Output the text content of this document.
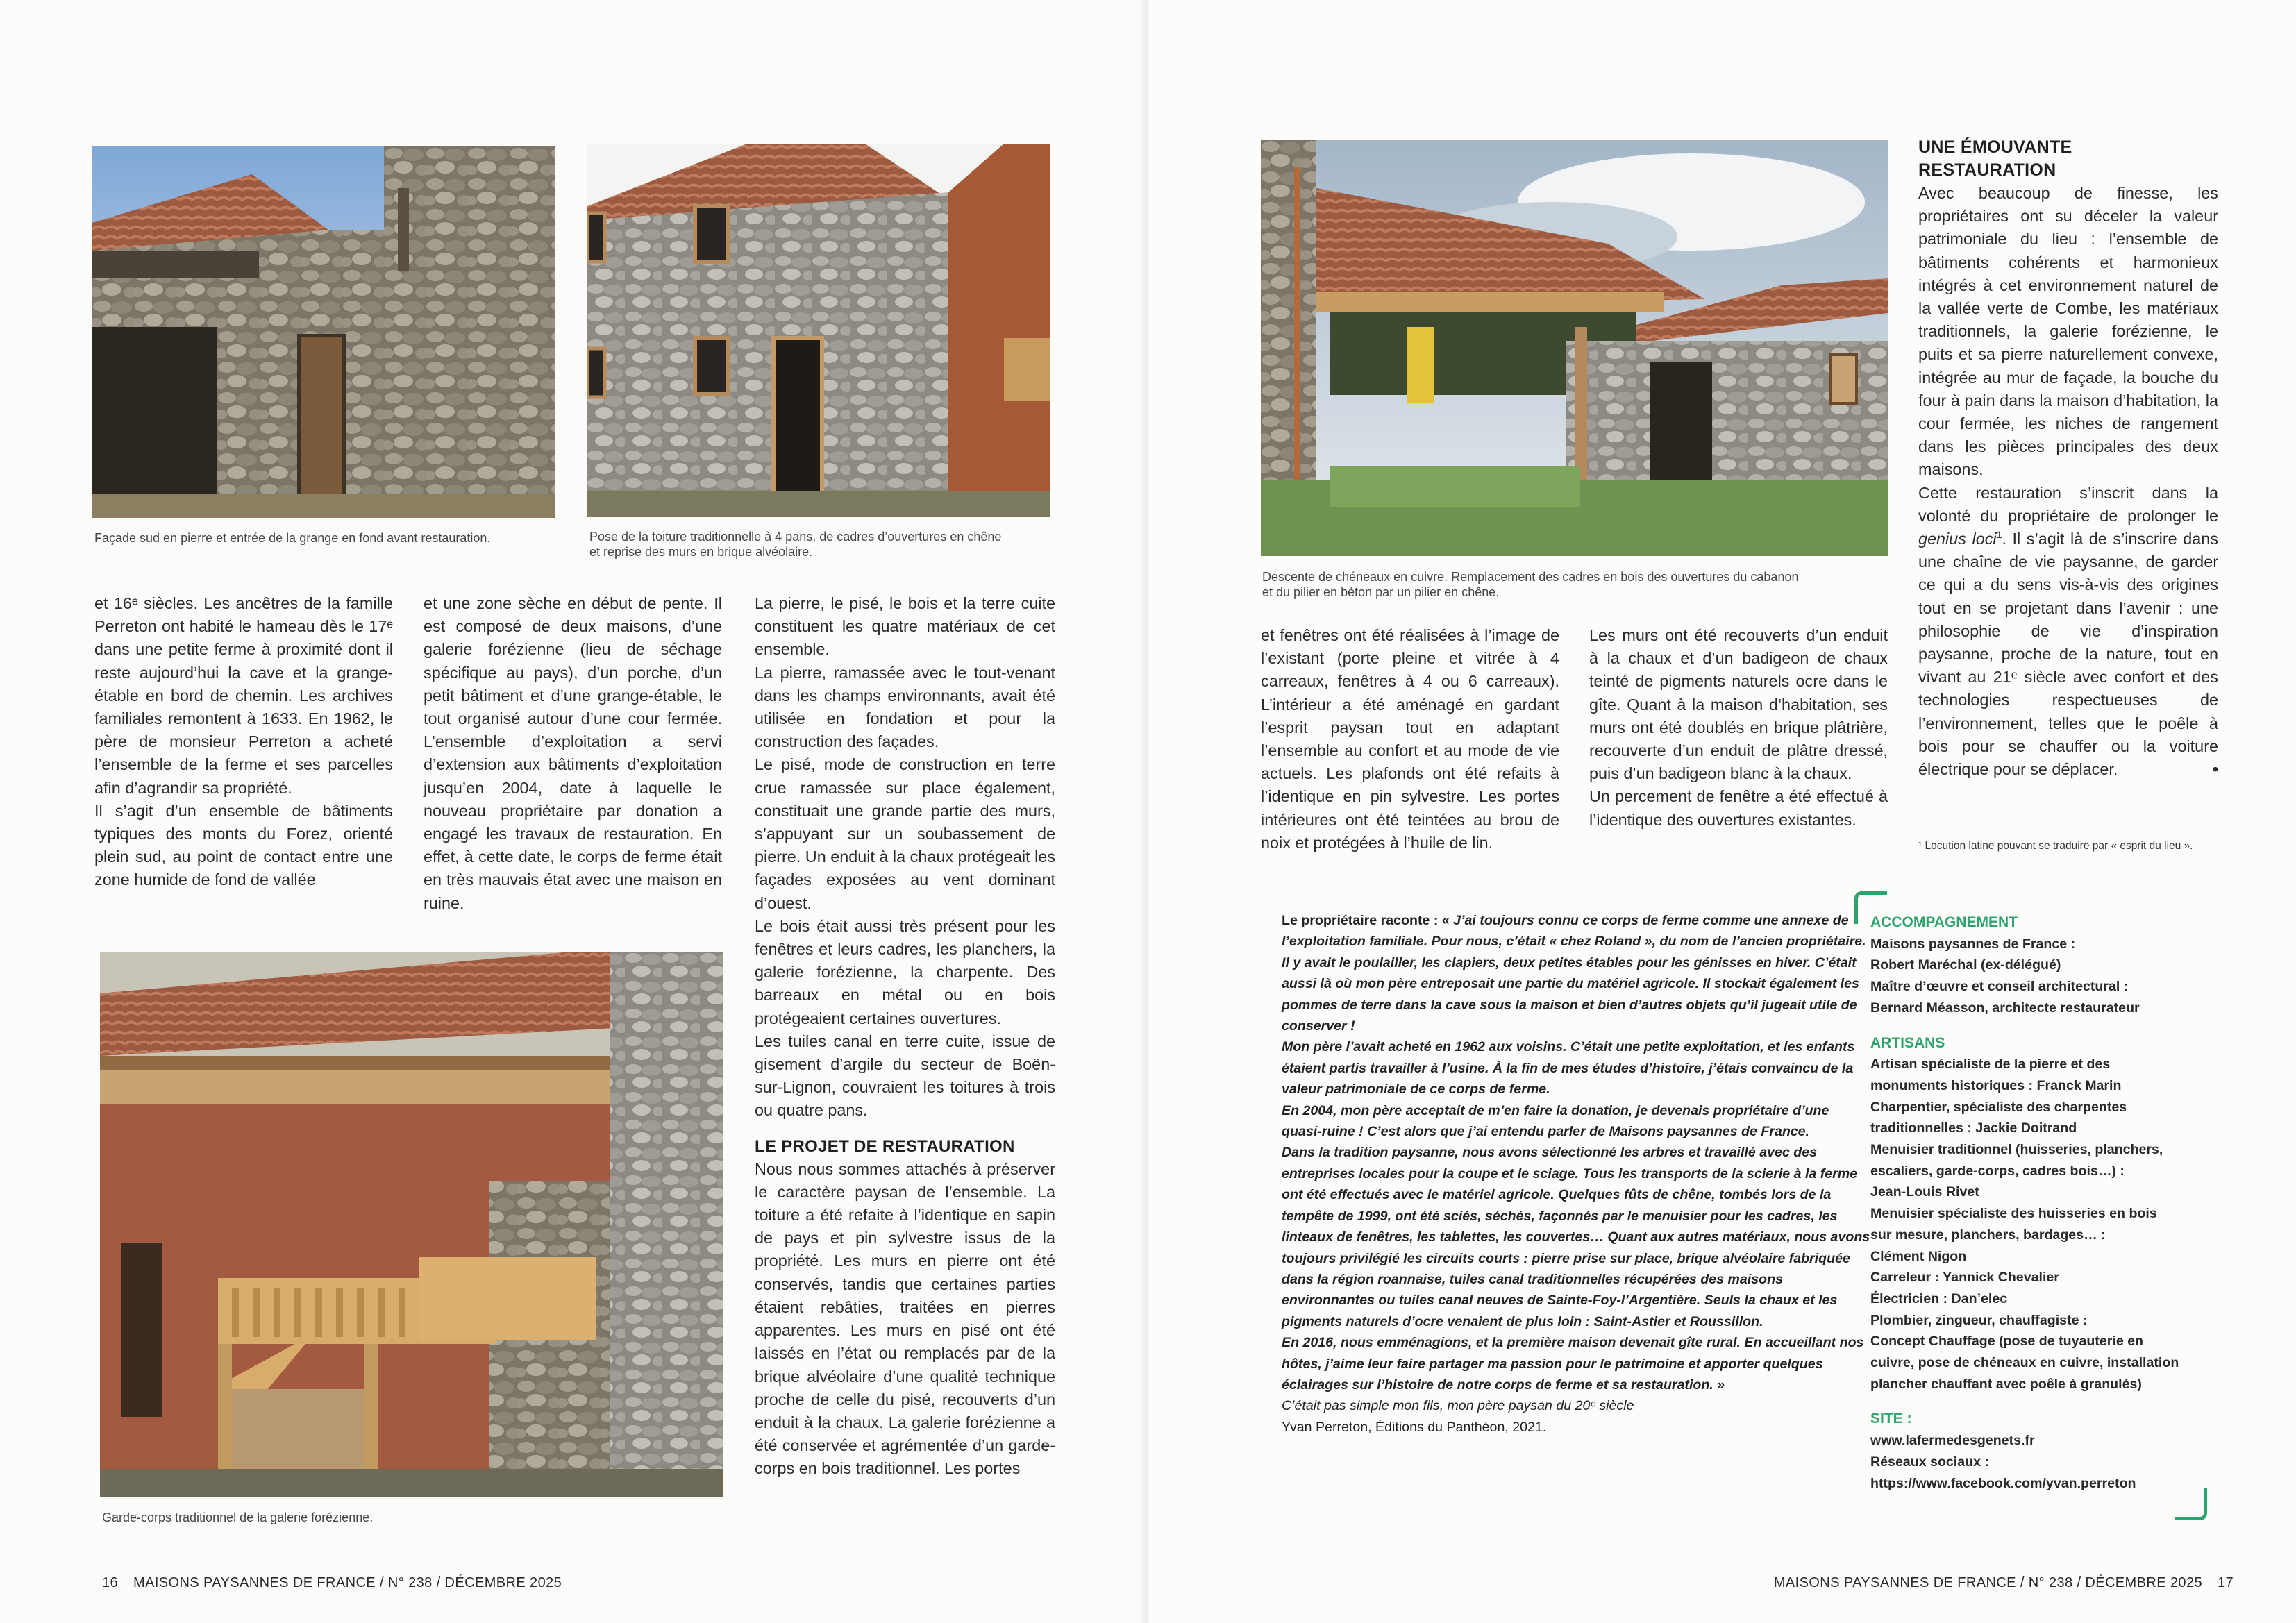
Façade sud en pierre et entrée de la grange en fond avant restauration.	Pose de la toiture traditionnelle à 4 pans, de cadres d’ouvertures en chêne
et reprise des murs en brique alvéolaire.

et 16ᵉ siècles. Les ancêtres de la famille Perreton ont habité le hameau dès le 17ᵉ dans une petite ferme à proximité dont il reste aujourd’hui la cave et la grange-étable en bord de chemin. Les archives familiales remontent à 1633. En 1962, le père de monsieur Perreton a acheté l’ensemble de la ferme et ses parcelles afin d’agrandir sa propriété.

Il s’agit d’un ensemble de bâtiments typiques des monts du Forez, orienté plein sud, au point de contact entre une zone humide de fond de vallée

et une zone sèche en début de pente. Il est composé de deux maisons, d’une galerie forézienne (lieu de séchage spécifique au pays), d’un porche, d’un petit bâtiment et d’une grange-étable, le tout organisé autour d’une cour fermée. L’ensemble d’exploitation a servi d’extension aux bâtiments d’exploitation jusqu’en 2004, date à laquelle le nouveau propriétaire par donation a engagé les travaux de restauration. En effet, à cette date, le corps de ferme était en très mauvais état avec une maison en ruine.

Garde-corps traditionnel de la galerie forézienne.

La pierre, le pisé, le bois et la terre cuite constituent les quatre matériaux de cet ensemble.

La pierre, ramassée avec le tout-venant dans les champs environnants, avait été utilisée en fondation et pour la construction des façades.

Le pisé, mode de construction en terre crue ramassée sur place également, constituait une grande partie des murs, s’appuyant sur un soubassement de pierre. Un enduit à la chaux protégeait les façades exposées au vent dominant d’ouest.

Le bois était aussi très présent pour les fenêtres et leurs cadres, les planchers, la galerie forézienne, la charpente. Des barreaux en métal ou en bois protégeaient certaines ouvertures.

Les tuiles canal en terre cuite, issue de gisement d’argile du secteur de Boën-sur-Lignon, couvraient les toitures à trois ou quatre pans.

LE PROJET DE RESTAURATION

Nous nous sommes attachés à préserver le caractère paysan de l’ensemble. La toiture a été refaite à l’identique en sapin de pays et pin sylvestre issus de la propriété. Les murs en pierre ont été conservés, tandis que certaines parties étaient rebâties, traitées en pierres apparentes. Les murs en pisé ont été laissés en l’état ou remplacés par de la brique alvéolaire d’une qualité technique proche de celle du pisé, recouverts d’un enduit à la chaux. La galerie forézienne a été conservée et agrémentée d’un garde-corps en bois traditionnel. Les portes

16 MAISONS PAYSANNES DE FRANCE / N° 238 / DÉCEMBRE 2025
Descente de chéneaux en cuivre. Remplacement des cadres en bois des ouvertures du cabanon
et du pilier en béton par un pilier en chêne.
UNE ÉMOUVANTE
RESTAURATION

Avec beaucoup de finesse, les propriétaires ont su déceler la valeur patrimoniale du lieu : l’ensemble de bâtiments cohérents et harmonieux intégrés à cet environnement naturel de la vallée verte de Combe, les matériaux traditionnels, la galerie forézienne, le puits et sa pierre naturellement convexe, intégrée au mur de façade, la bouche du four à pain dans la maison d’habitation, la cour fermée, les niches de rangement dans les pièces principales des deux maisons.

Cette restauration s’inscrit dans la volonté du propriétaire de prolonger le genius loci$^1$. Il s’agit là de s’inscrire dans une chaîne de vie paysanne, de garder ce qui a du sens vis-à-vis des origines tout en se projetant dans l’avenir : une philosophie de vie d’inspiration paysanne, proche de la nature, tout en vivant au 21ᵉ siècle avec confort et des technologies respectueuses de l’environnement, telles que le poêle à bois pour se chauffer ou la voiture électrique pour se déplacer.	•

¹ Locution latine pouvant se traduire par « esprit du lieu ».

et fenêtres ont été réalisées à l’image de l’existant (porte pleine et vitrée à 4 carreaux, fenêtres à 4 ou 6 carreaux). L’intérieur a été aménagé en gardant l’esprit paysan tout en adaptant l’ensemble au confort et au mode de vie actuels. Les plafonds ont été refaits à l’identique en pin sylvestre. Les portes intérieures ont été teintées au brou de noix et protégées à l’huile de lin.

Les murs ont été recouverts d’un enduit à la chaux et d’un badigeon de chaux teinté de pigments naturels ocre dans le gîte. Quant à la maison d’habitation, ses murs ont été doublés en brique plâtrière, recouverte d’un enduit de plâtre dressé, puis d’un badigeon blanc à la chaux.

Un percement de fenêtre a été effectué à l’identique des ouvertures existantes.

Le propriétaire raconte : « J’ai toujours connu ce corps de ferme comme une annexe de l’exploitation familiale. Pour nous, c’était « chez Roland », du nom de l’ancien propriétaire. Il y avait le poulailler, les clapiers, deux petites étables pour les génisses en hiver. C’était aussi là où mon père entreposait une partie du matériel agricole. Il stockait également les pommes de terre dans la cave sous la maison et bien d’autres objets qu’il jugeait utile de conserver !

Mon père l’avait acheté en 1962 aux voisins. C’était une petite exploitation, et les enfants étaient partis travailler à l’usine. À la fin de mes études d’histoire, j’étais convaincu de la valeur patrimoniale de ce corps de ferme.

En 2004, mon père acceptait de m’en faire la donation, je devenais propriétaire d’une quasi-ruine ! C’est alors que j’ai entendu parler de Maisons paysannes de France.

Dans la tradition paysanne, nous avons sélectionné les arbres et travaillé avec des entreprises locales pour la coupe et le sciage. Tous les transports de la scierie à la ferme ont été effectués avec le matériel agricole. Quelques fûts de chêne, tombés lors de la tempête de 1999, ont été sciés, séchés, façonnés par le menuisier pour les cadres, les linteaux de fenêtres, les tablettes, les couvertes… Quant aux autres matériaux, nous avons toujours privilégié les circuits courts : pierre prise sur place, brique alvéolaire fabriquée dans la région roannaise, tuiles canal traditionnelles récupérées des maisons environnantes ou tuiles canal neuves de Sainte-Foy-l’Argentière. Seuls la chaux et les pigments naturels d’ocre venaient de plus loin : Saint-Astier et Roussillon.

En 2016, nous emménagions, et la première maison devenait gîte rural. En accueillant nos hôtes, j’aime leur faire partager ma passion pour le patrimoine et apporter quelques éclairages sur l’histoire de notre corps de ferme et sa restauration. »

C’était pas simple mon fils, mon père paysan du 20ᵉ siècle

Yvan Perreton, Éditions du Panthéon, 2021.

ACCOMPAGNEMENT

Maisons paysannes de France :

Robert Maréchal (ex-délégué)

Maître d’œuvre et conseil architectural :

Bernard Méasson, architecte restaurateur

ARTISANS

Artisan spécialiste de la pierre et des

monuments historiques : Franck Marin

Charpentier, spécialiste des charpentes

traditionnelles : Jackie Doitrand

Menuisier traditionnel (huisseries, planchers,

escaliers, garde-corps, cadres bois…) :

Jean-Louis Rivet

Menuisier spécialiste des huisseries en bois

sur mesure, planchers, bardages… :

Clément Nigon

Carreleur : Yannick Chevalier

Électricien : Dan’elec

Plombier, zingueur, chauffagiste :

Concept Chauffage (pose de tuyauterie en

cuivre, pose de chéneaux en cuivre, installation

plancher chauffant avec poêle à granulés)

SITE :

www.lafermedesgenets.fr

Réseaux sociaux :

https://www.facebook.com/yvan.perreton

MAISONS PAYSANNES DE FRANCE / N° 238 / DÉCEMBRE 2025 17
